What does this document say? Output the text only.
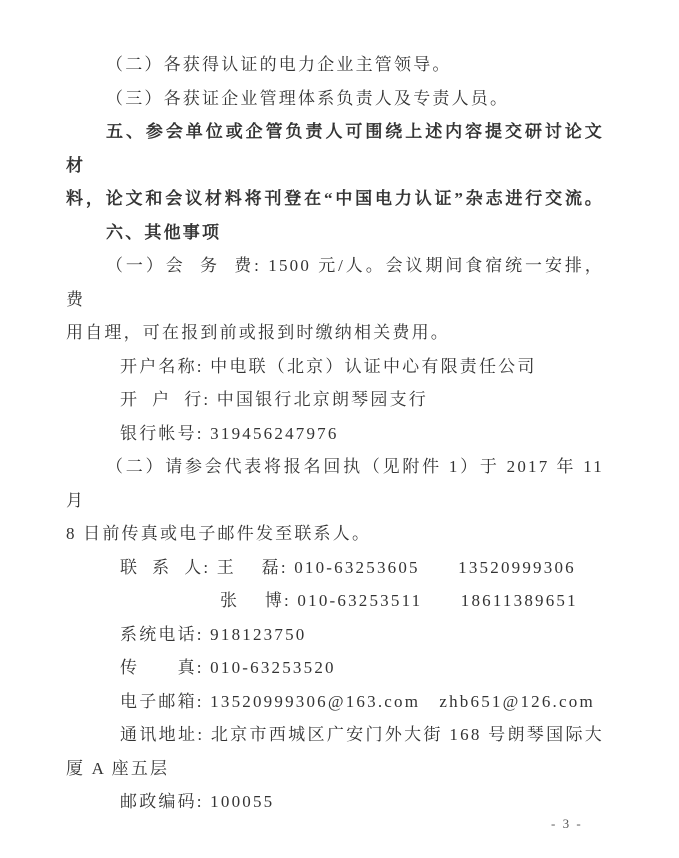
（二）各获得认证的电力企业主管领导。
（三）各获证企业管理体系负责人及专责人员。
五、参会单位或企管负责人可围绕上述内容提交研讨论文材
料，论文和会议材料将刊登在“中国电力认证”杂志进行交流。
六、其他事项
（一）会  务  费: 1500 元/人。会议期间食宿统一安排，费
用自理，可在报到前或报到时缴纳相关费用。
开户名称: 中电联（北京）认证中心有限责任公司
开  户  行: 中国银行北京朗琴园支行
银行帐号: 319456247976
（二）请参会代表将报名回执（见附件 1）于 2017 年 11 月
8 日前传真或电子邮件发至联系人。
联  系  人: 王　 磊: 010-63253605　　13520999306
张　 博: 010-63253511　　18611389651
系统电话: 918123750
传　　真: 010-63253520
电子邮箱: 13520999306@163.com　zhb651@126.com
通讯地址: 北京市西城区广安门外大街 168 号朗琴国际大
厦 A 座五层
邮政编码: 100055
- 3 -
